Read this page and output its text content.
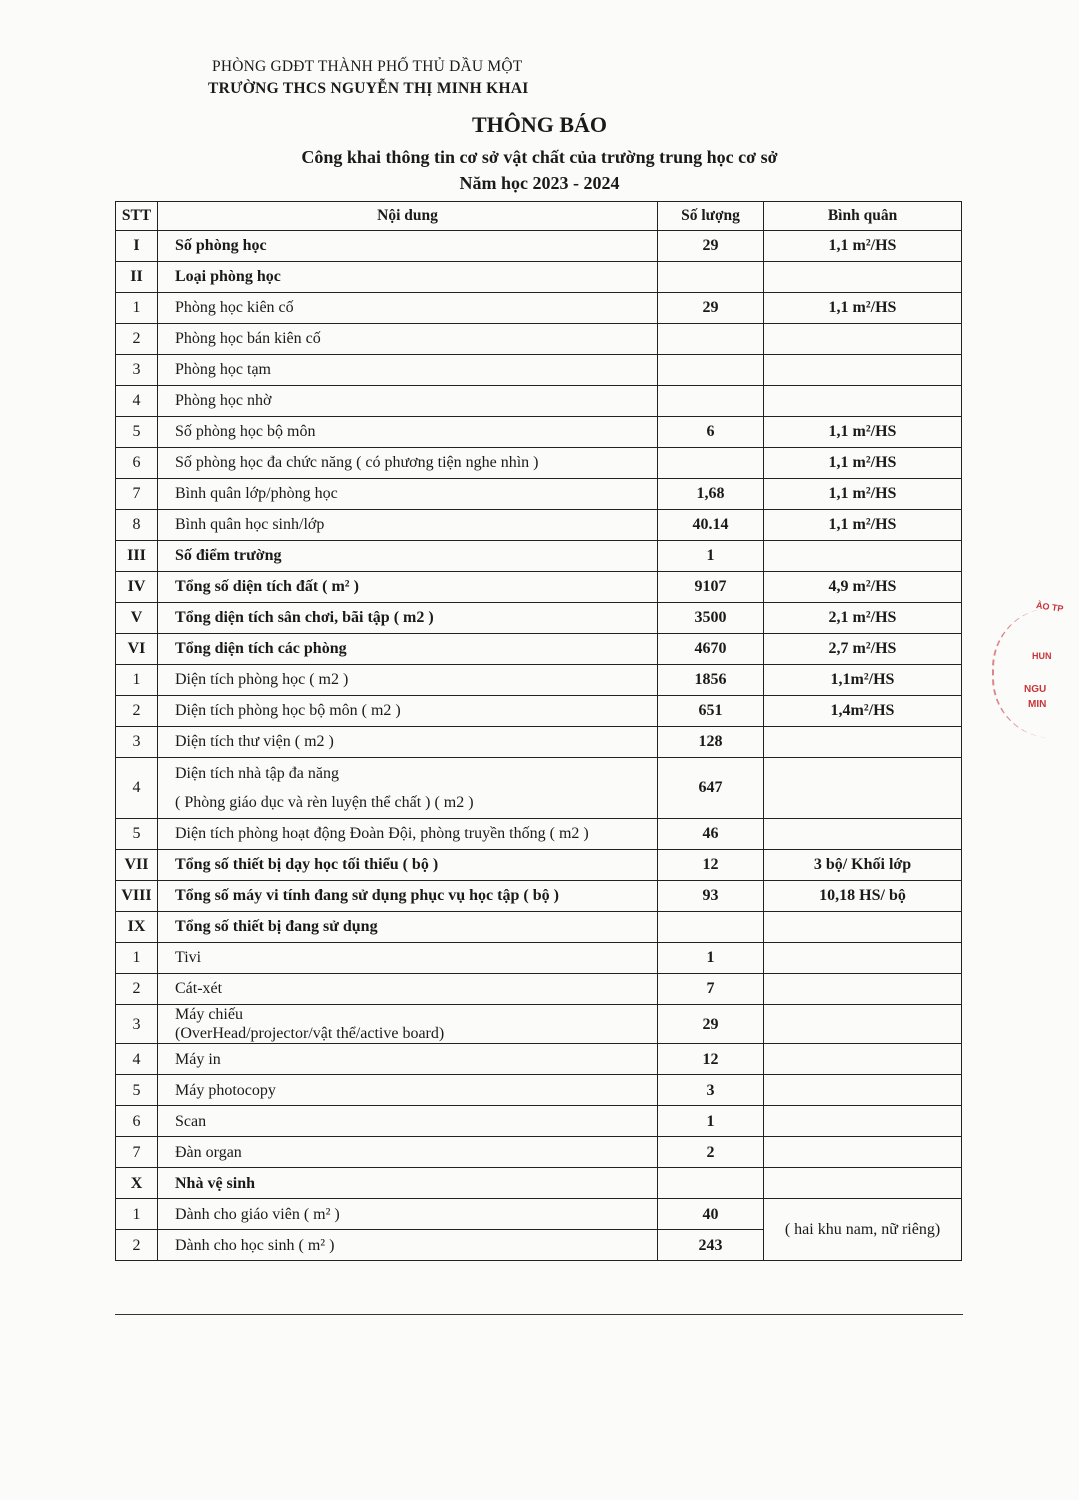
PHÒNG GDĐT THÀNH PHỐ THỦ DẦU MỘT
TRƯỜNG THCS NGUYỄN THỊ MINH KHAI
THÔNG BÁO
Công khai thông tin cơ sở vật chất của trường trung học cơ sở
Năm học 2023 - 2024
STT	Nội dung	Số lượng	Bình quân
I	Số phòng học	29	1,1 m²/HS
II	Loại phòng học

1	Phòng học kiên cố	29	1,1 m²/HS
2	Phòng học bán kiên cố

3	Phòng học tạm

4	Phòng học nhờ

5	Số phòng học bộ môn	6	1,1 m²/HS
6	Số phòng học đa chức năng ( có phương tiện nghe nhìn )		1,1 m²/HS
7	Bình quân lớp/phòng học	1,68	1,1 m²/HS
8	Bình quân học sinh/lớp	40.14	1,1 m²/HS
III	Số điểm trường	1	
IV	Tổng số diện tích đất ( m² )	9107	4,9 m²/HS
V	Tổng diện tích sân chơi, bãi tập ( m2 )	3500	2,1 m²/HS
VI	Tổng diện tích các phòng	4670	2,7 m²/HS
1	Diện tích phòng học ( m2 )	1856	1,1m²/HS
2	Diện tích phòng học bộ môn ( m2 )	651	1,4m²/HS
3	Diện tích thư viện ( m2 )	128	
4	
Diện tích nhà tập đa năng
( Phòng giáo dục và rèn luyện thể chất ) ( m2 )
	647	
5	Diện tích phòng hoạt động Đoàn Đội, phòng truyền thống ( m2 )	46	
VII	Tổng số thiết bị dạy học tối thiểu ( bộ )	12	3 bộ/ Khối lớp
VIII	Tổng số máy vi tính đang sử dụng phục vụ học tập ( bộ )	93	10,18 HS/ bộ
IX	Tổng số thiết bị đang sử dụng

1	Tivi	1	
2	Cát-xét	7	
3	
Máy chiếu
(OverHead/projector/vật thể/active board)
	29	
4	Máy in	12	
5	Máy photocopy	3	
6	Scan	1	
7	Đàn organ	2	
X	Nhà vệ sinh

1	Dành cho giáo viên ( m² )	40	( hai khu nam, nữ riêng)
2	Dành cho học sinh ( m² )	243
ÀO TP
HUN
NGU
MIN
